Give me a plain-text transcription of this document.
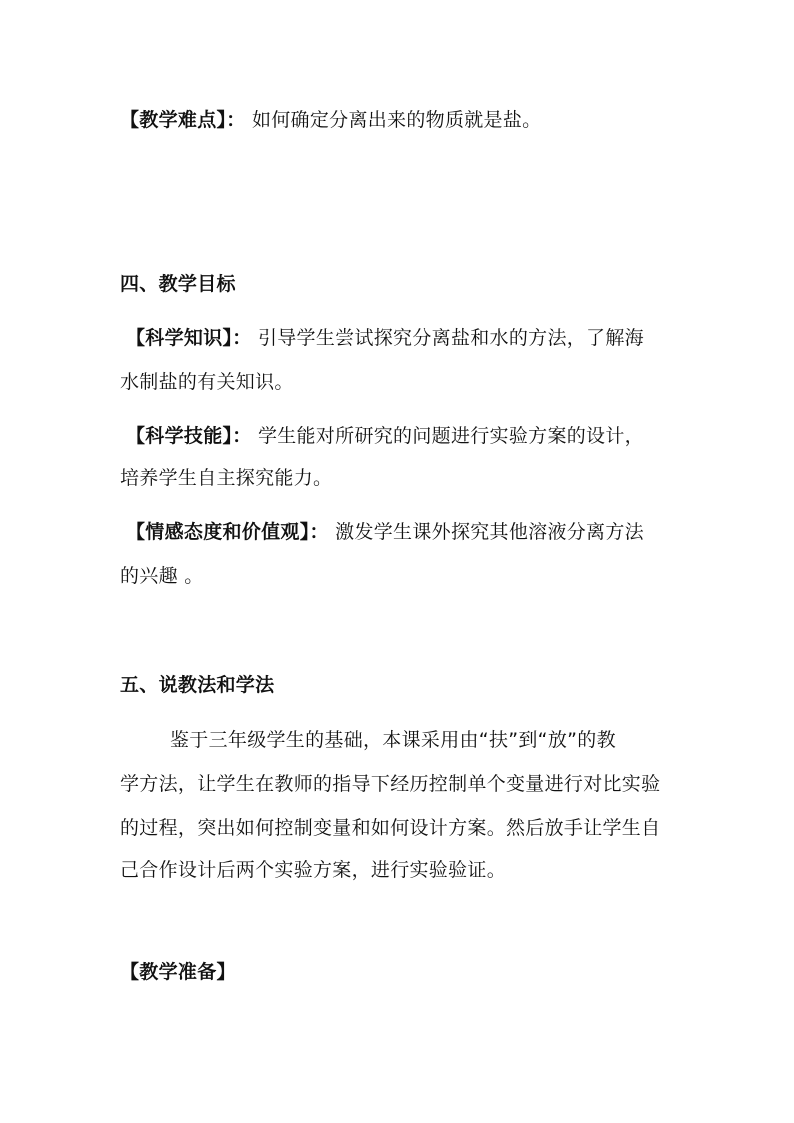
【教学难点】： 如何确定分离出来的物质就是盐。
四、教学目标
【科学知识】： 引导学生尝试探究分离盐和水的方法，了解海
水制盐的有关知识。
【科学技能】： 学生能对所研究的问题进行实验方案的设计，
培养学生自主探究能力。
【情感态度和价值观】： 激发学生课外探究其他溶液分离方法
的兴趣 。
五、说教法和学法
鉴于三年级学生的基础，本课采用由“扶”到“放”的教
学方法，让学生在教师的指导下经历控制单个变量进行对比实验
的过程，突出如何控制变量和如何设计方案。然后放手让学生自
己合作设计后两个实验方案，进行实验验证。
【教学准备】
